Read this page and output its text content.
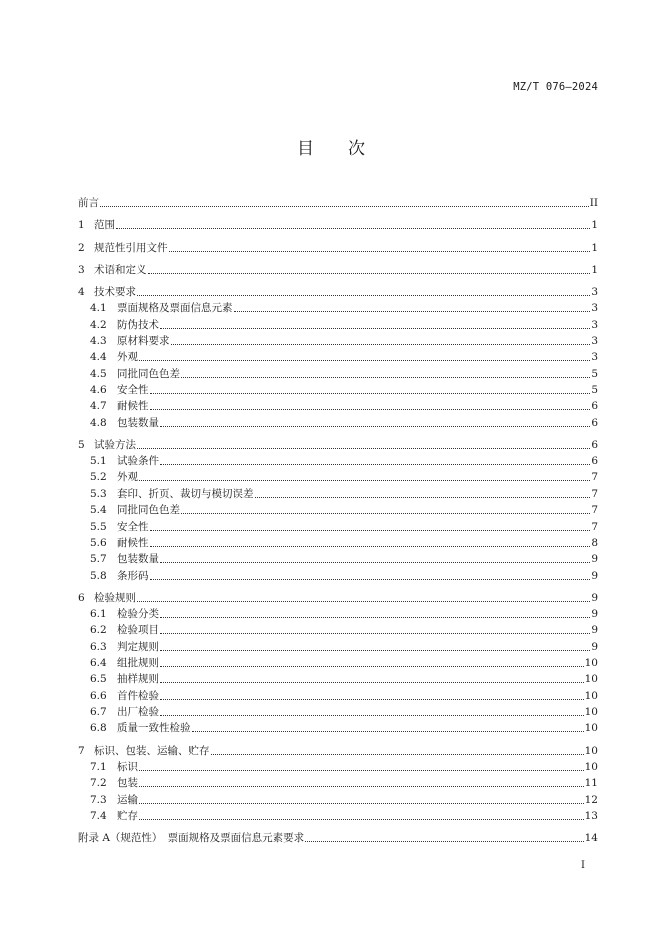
MZ/T 076—2024
目　　次
前言	II
1 范围	1
2 规范性引用文件	1
3 术语和定义	1
4 技术要求	3
4.1 票面规格及票面信息元素	3
4.2 防伪技术	3
4.3 原材料要求	3
4.4 外观	3
4.5 同批同色色差	5
4.6 安全性	5
4.7 耐候性	6
4.8 包装数量	6
5 试验方法	6
5.1 试验条件	6
5.2 外观	7
5.3 套印、折页、裁切与模切误差	7
5.4 同批同色色差	7
5.5 安全性	7
5.6 耐候性	8
5.7 包装数量	9
5.8 条形码	9
6 检验规则	9
6.1 检验分类	9
6.2 检验项目	9
6.3 判定规则	9
6.4 组批规则	10
6.5 抽样规则	10
6.6 首件检验	10
6.7 出厂检验	10
6.8 质量一致性检验	10
7 标识、包装、运输、贮存	10
7.1 标识	10
7.2 包装	11
7.3 运输	12
7.4 贮存	13
附录 A（规范性）　票面规格及票面信息元素要求	14
I
